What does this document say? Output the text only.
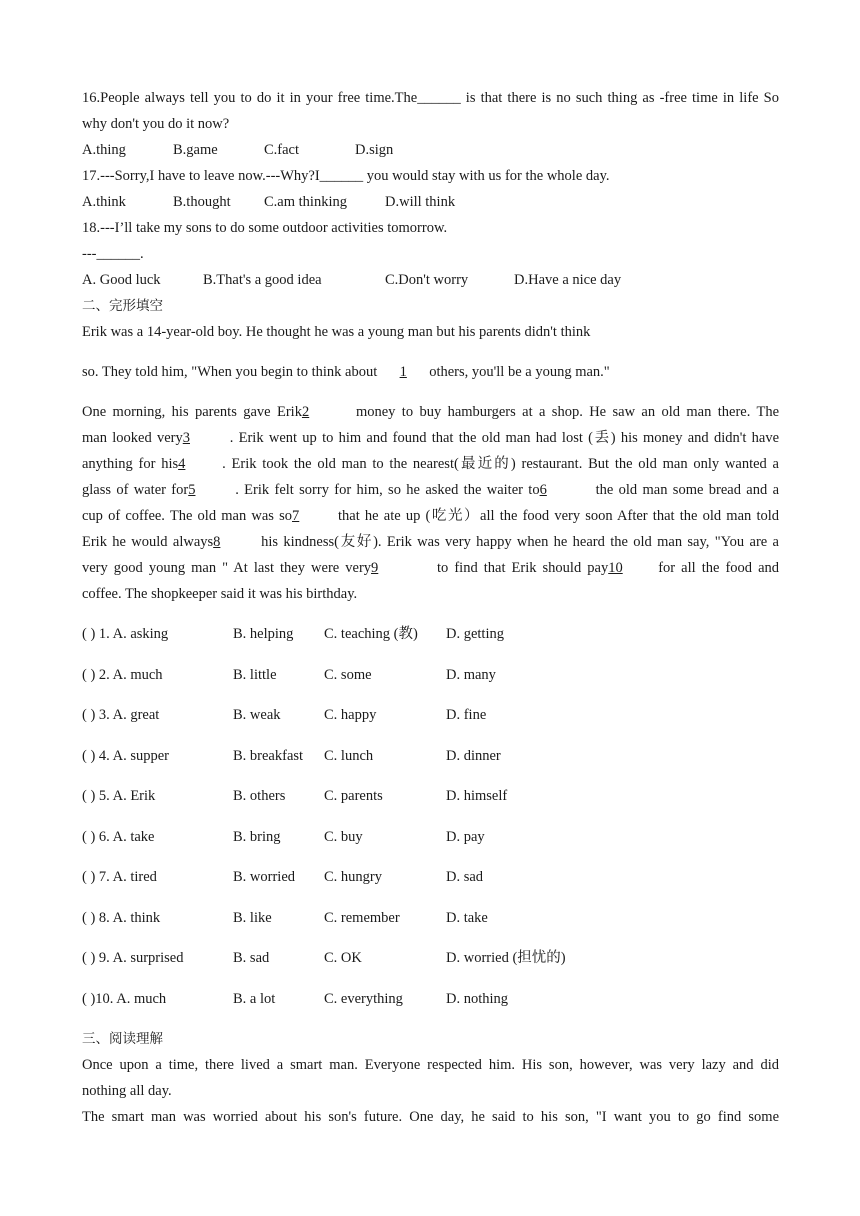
16.People always tell you to do it in your free time.The______ is that there is no such thing as -free time in life So
why don't you do it now?
A.thing	B.game	C.fact	D.sign
17.---Sorry,I have to leave now.---Why?I______ you would stay with us for the whole day.
A.think	B.thought C.am thinking	D.will think
18.---I’ll take my sons to do some outdoor activities tomorrow.
---______.
A. Good luck	B.That's a good idea	C.Don't worry	D.Have a nice day
二、完形填空
Erik was a 14-year-old boy. He thought he was a young man but his parents didn't think
so. They told him, "When you begin to think about 1 others, you'll be a young man."
One morning, his parents gave Erik2	money to buy hamburgers at a shop. He saw an old man there. The
man looked very3	. Erik went up to him and found that the old man had lost (丢) his money and didn't have
anything for his4	. Erik took the old man to the nearest(最近的) restaurant. But the old man only wanted a
glass of water for5	. Erik felt sorry for him, so he asked the waiter to6	the old man some bread and a
cup of coffee. The old man was so7	that he ate up (吃光）all the food very soon After that the old man told
Erik he would always8	his kindness(友好). Erik was very happy when he heard the old man say, "You are a
very good young man " At last they were very9	to find that Erik should pay10 for all the food and
coffee. The shopkeeper said it was his birthday.
( ) 1. A. asking	B. helping C. teaching (教) D. getting
( ) 2. A. much	B. little	C. some	D. many
( ) 3. A. great	B. weak	C. happy	D. fine
( ) 4. A. supper	B. breakfast C. lunch	D. dinner
( ) 5. A. Erik	B. others	C. parents	D. himself
( ) 6. A. take	B. bring	C. buy	D. pay
( ) 7. A. tired	B. worried C. hungry	D. sad
( ) 8. A. think	B. like	C. remember	D. take
( ) 9. A. surprised	B. sad	C. OK	D. worried (担忧的)
( )10. A. much	B. a lot	C. everything	D. nothing
三、阅读理解
Once upon a time, there lived a smart man. Everyone respected him. His son, however, was very lazy and did
nothing all day.
The smart man was worried about his son's future. One day, he said to his son, "I want you to go find some
